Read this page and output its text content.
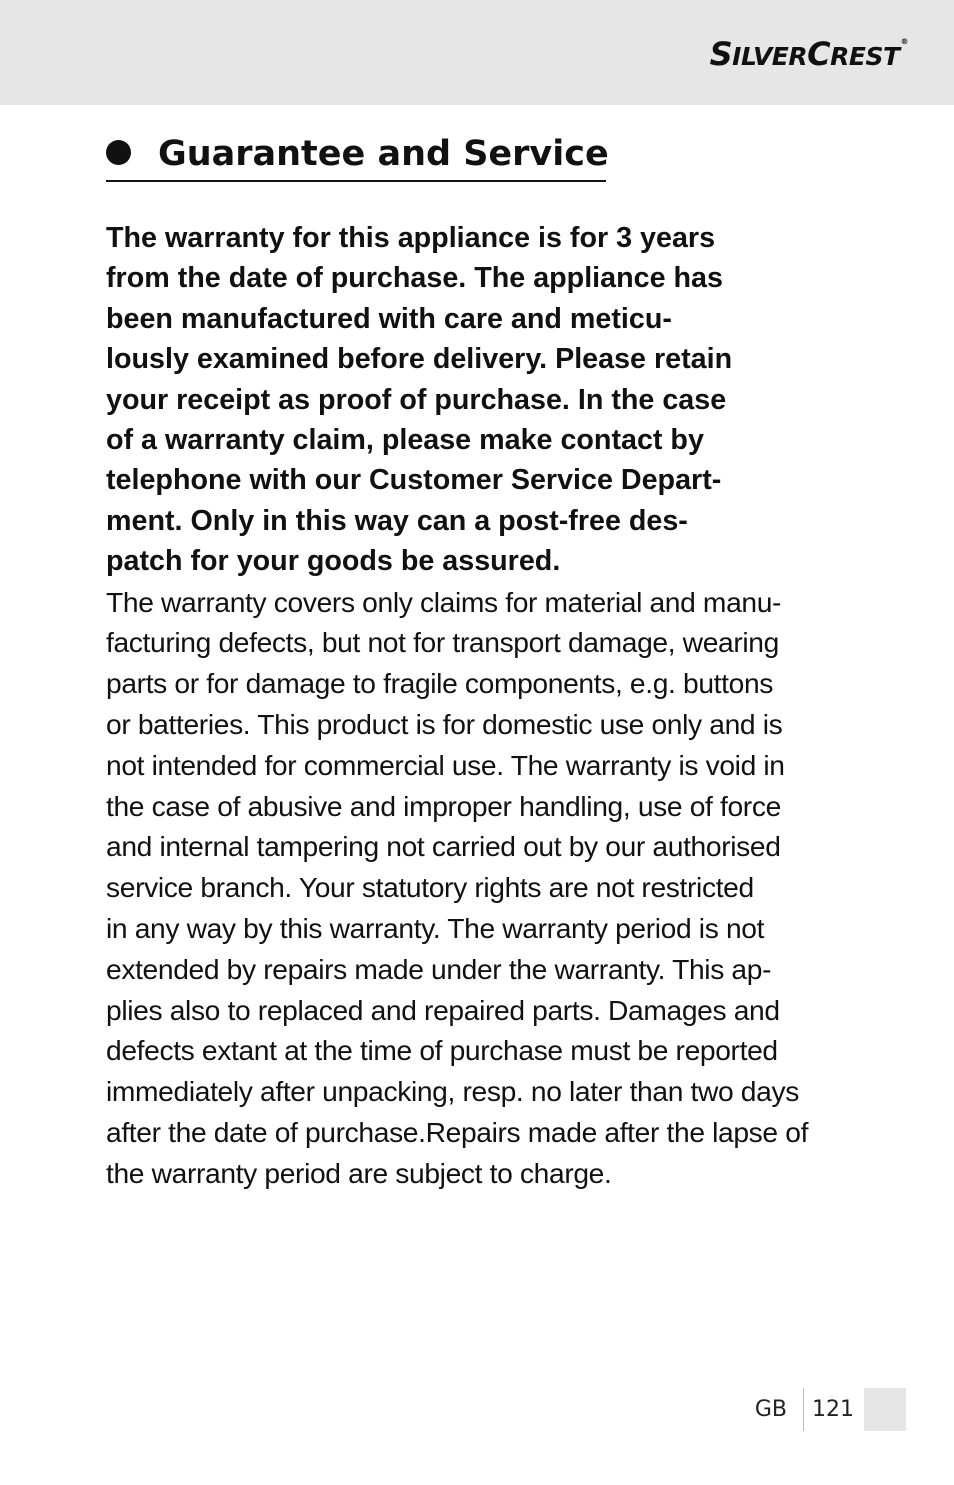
SILVERCREST®
Guarantee and Service

The warranty for this appliance is for 3 years
from the date of purchase. The appliance has
been manufactured with care and meticu-
lously examined before delivery. Please retain
your receipt as proof of purchase. In the case
of a warranty claim, please make contact by
telephone with our Customer Service Depart-
ment. Only in this way can a post-free des-
patch for your goods be assured.

The warranty covers only claims for material and manu-
facturing defects, but not for transport damage, wearing
parts or for damage to fragile components, e.g. buttons
or batteries. This product is for domestic use only and is
not intended for commercial use. The warranty is void in
the case of abusive and improper handling, use of force
and internal tampering not carried out by our authorised
service branch. Your statutory rights are not restricted
in any way by this warranty. The warranty period is not
extended by repairs made under the warranty. This ap-
plies also to replaced and repaired parts. Damages and
defects extant at the time of purchase must be reported
immediately after unpacking, resp. no later than two days
after the date of purchase.Repairs made after the lapse of
the warranty period are subject to charge.

GB 121
